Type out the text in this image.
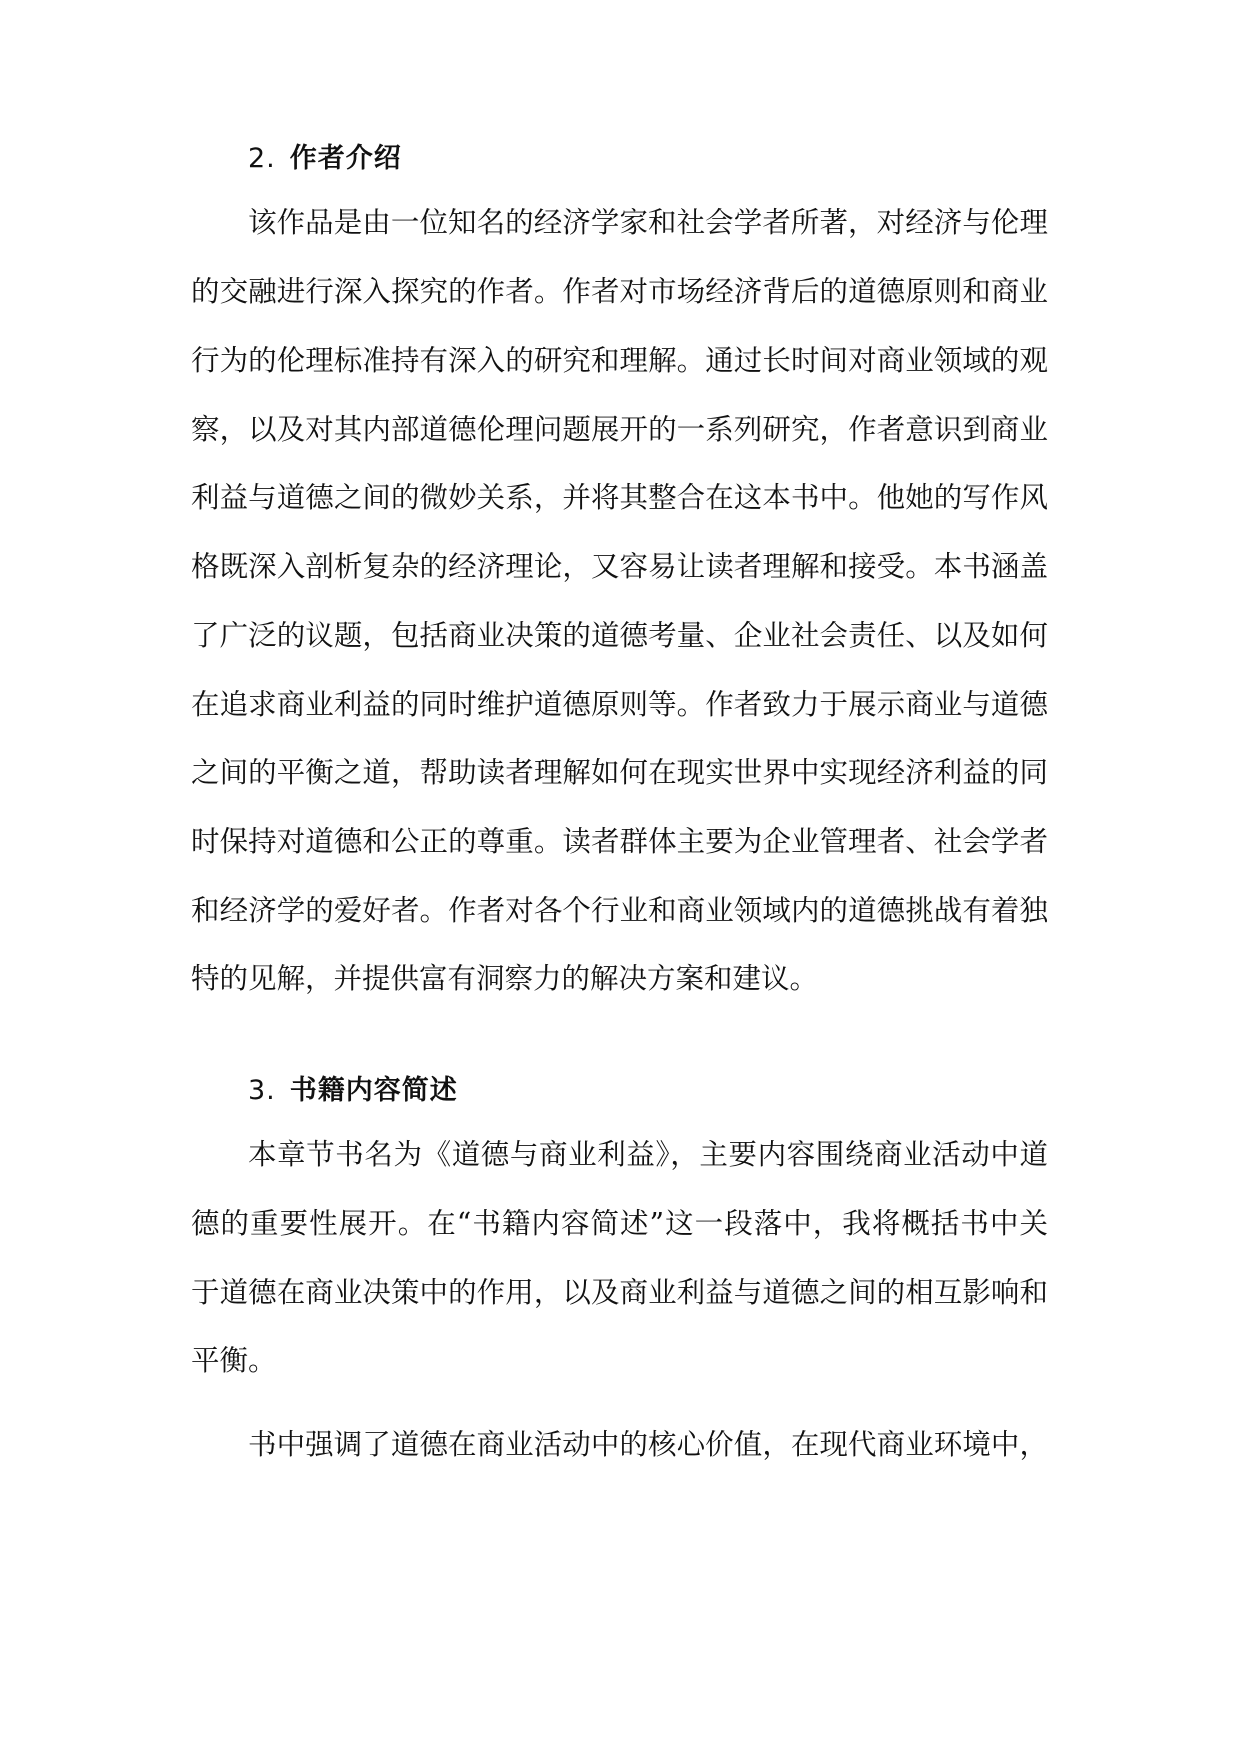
2. 作者介绍
该作品是由一位知名的经济学家和社会学者所著，对经济与伦理
的交融进行深入探究的作者。作者对市场经济背后的道德原则和商业
行为的伦理标准持有深入的研究和理解。通过长时间对商业领域的观
察，以及对其内部道德伦理问题展开的一系列研究，作者意识到商业
利益与道德之间的微妙关系，并将其整合在这本书中。他她的写作风
格既深入剖析复杂的经济理论，又容易让读者理解和接受。本书涵盖
了广泛的议题，包括商业决策的道德考量、企业社会责任、以及如何
在追求商业利益的同时维护道德原则等。作者致力于展示商业与道德
之间的平衡之道，帮助读者理解如何在现实世界中实现经济利益的同
时保持对道德和公正的尊重。读者群体主要为企业管理者、社会学者
和经济学的爱好者。作者对各个行业和商业领域内的道德挑战有着独
特的见解，并提供富有洞察力的解决方案和建议。
3. 书籍内容简述
本章节书名为《道德与商业利益》，主要内容围绕商业活动中道
德的重要性展开。在“书籍内容简述”这一段落中，我将概括书中关
于道德在商业决策中的作用，以及商业利益与道德之间的相互影响和
平衡。
书中强调了道德在商业活动中的核心价值，在现代商业环境中，
